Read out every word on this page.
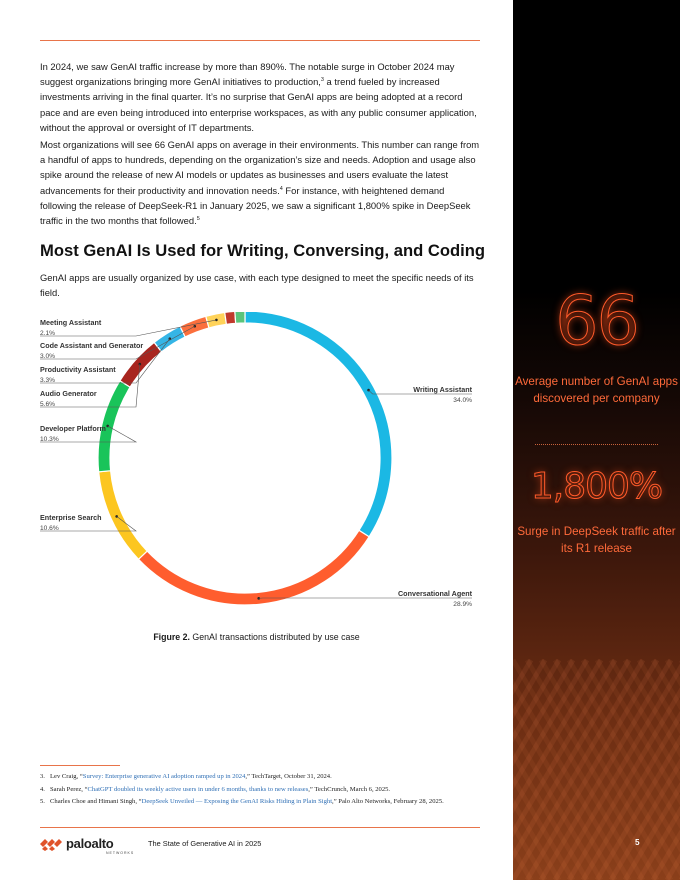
In 2024, we saw GenAI traffic increase by more than 890%. The notable surge in October 2024 may suggest organizations bringing more GenAI initiatives to production,$^3$ a trend fueled by increased investments arriving in the final quarter. It’s no surprise that GenAI apps are being adopted at a record pace and are even being introduced into enterprise workspaces, as with any public consumer application, without the approval or oversight of IT departments.

Most organizations will see 66 GenAI apps on average in their environments. This number can range from a handful of apps to hundreds, depending on the organization’s size and needs. Adoption and usage also spike around the release of new AI models or updates as businesses and users evaluate the latest advancements for their productivity and innovation needs.$^4$ For instance, with heightened demand following the release of DeepSeek-R1 in January 2025, we saw a significant 1,800% spike in DeepSeek traffic in the two months that followed.$^5$

Most GenAI Is Used for Writing, Conversing, and Coding

GenAI apps are usually organized by use case, with each type designed to meet the specific needs of its field.

Writing Assistant
34.0%
Conversational Agent
28.9%
Enterprise Search
10.6%
Developer Platform
10.3%
Audio Generator
5.6%
Productivity Assistant
3.3%
Code Assistant and Generator
3.0%
Meeting Assistant
2.1%
Figure 2. GenAI transactions distributed by use case
3. Lev Craig, “Survey: Enterprise generative AI adoption ramped up in 2024,” TechTarget, October 31, 2024.
4. Sarah Perez, “ChatGPT doubled its weekly active users in under 6 months, thanks to new releases,” TechCrunch, March 6, 2025.
5. Charles Choe and Himani Singh, “DeepSeek Unveiled — Exposing the GenAI Risks Hiding in Plain Sight,” Palo Alto Networks, February 28, 2025.
paloalto
NETWORKS
The State of Generative AI in 2025
66
Average number of GenAI apps discovered per company
1,800%
Surge in DeepSeek traffic after its R1 release
5
